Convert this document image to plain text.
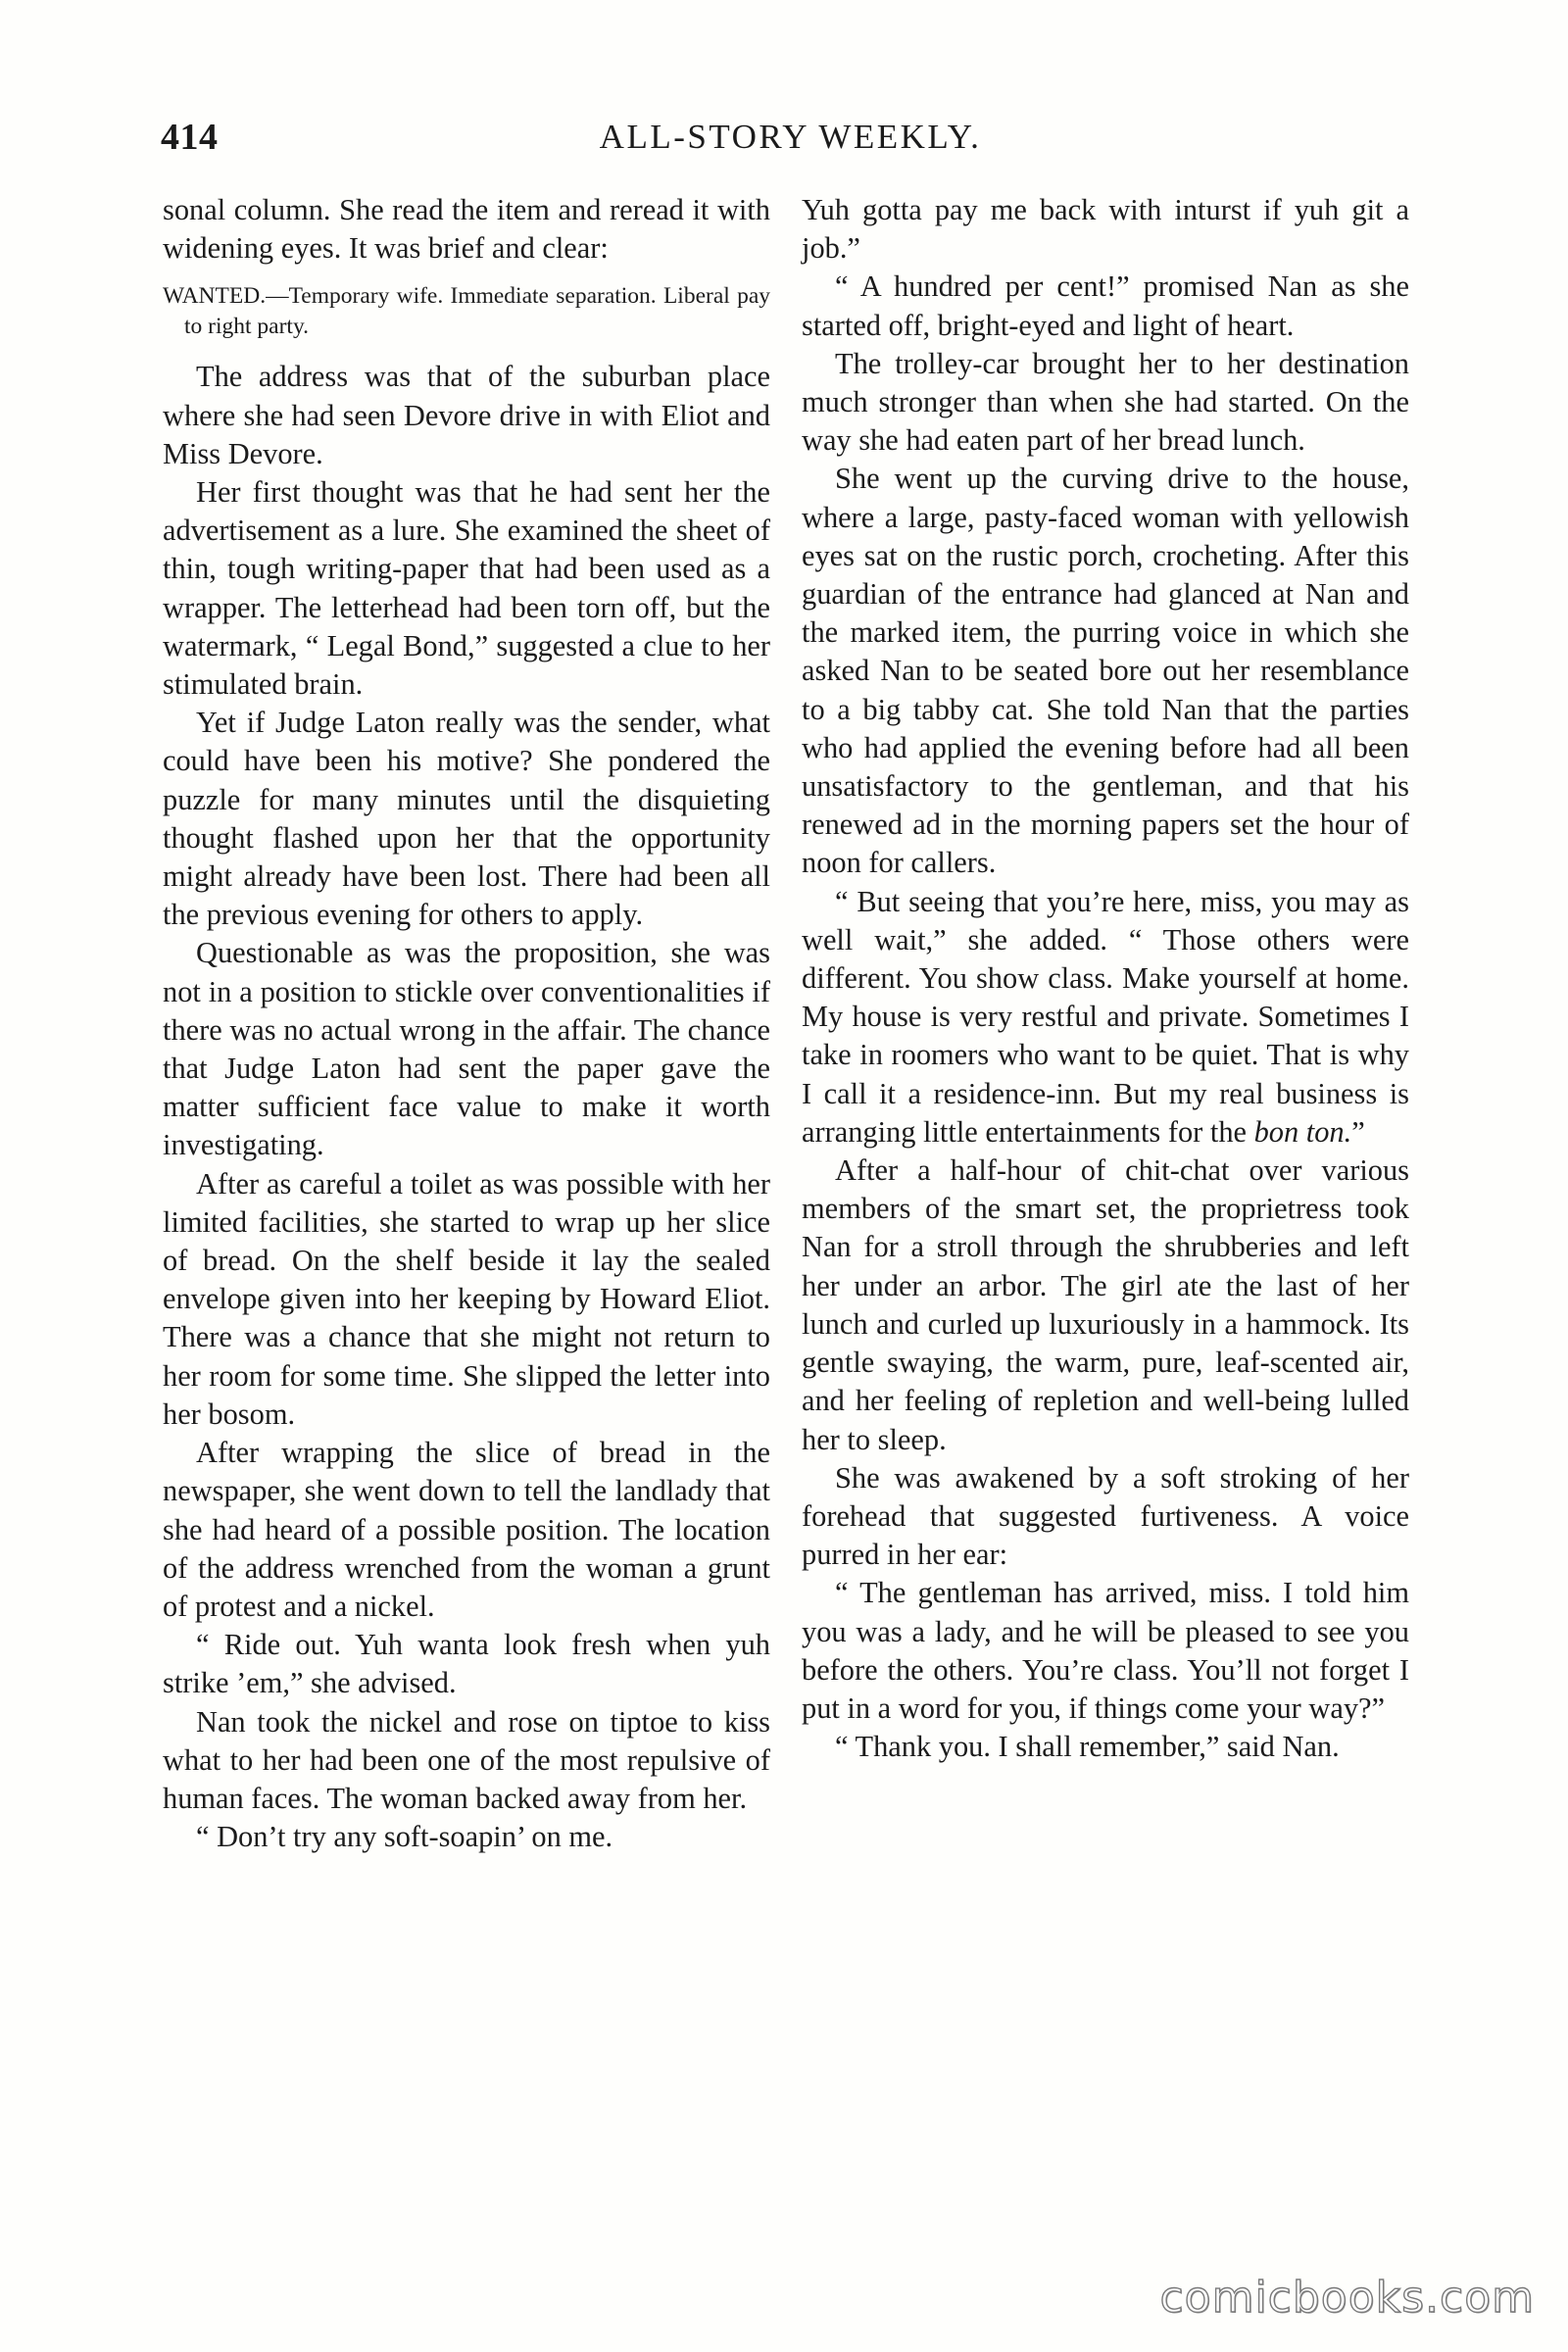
414	ALL-STORY WEEKLY.

sonal column. She read the item and reread it with widening eyes. It was brief and clear:

WANTED.—Temporary wife. Immediate separation. Liberal pay to right party.

The address was that of the suburban place where she had seen Devore drive in with Eliot and Miss Devore.

Her first thought was that he had sent her the advertisement as a lure. She examined the sheet of thin, tough writing-paper that had been used as a wrapper. The letterhead had been torn off, but the watermark, “ Legal Bond,” suggested a clue to her stimulated brain.

Yet if Judge Laton really was the sender, what could have been his motive? She pondered the puzzle for many minutes until the disquieting thought flashed upon her that the opportunity might already have been lost. There had been all the previous evening for others to apply.

Questionable as was the proposition, she was not in a position to stickle over conventionalities if there was no actual wrong in the affair. The chance that Judge Laton had sent the paper gave the matter sufficient face value to make it worth investigating.

After as careful a toilet as was possible with her limited facilities, she started to wrap up her slice of bread. On the shelf beside it lay the sealed envelope given into her keeping by Howard Eliot. There was a chance that she might not return to her room for some time. She slipped the letter into her bosom.

After wrapping the slice of bread in the newspaper, she went down to tell the landlady that she had heard of a possible position. The location of the address wrenched from the woman a grunt of protest and a nickel.

“ Ride out. Yuh wanta look fresh when yuh strike ’em,” she advised.

Nan took the nickel and rose on tiptoe to kiss what to her had been one of the most repulsive of human faces. The woman backed away from her.

“ Don’t try any soft-soapin’ on me.

Yuh gotta pay me back with inturst if yuh git a job.”

“ A hundred per cent!” promised Nan as she started off, bright-eyed and light of heart.

The trolley-car brought her to her destination much stronger than when she had started. On the way she had eaten part of her bread lunch.

She went up the curving drive to the house, where a large, pasty-faced woman with yellowish eyes sat on the rustic porch, crocheting. After this guardian of the entrance had glanced at Nan and the marked item, the purring voice in which she asked Nan to be seated bore out her resemblance to a big tabby cat. She told Nan that the parties who had applied the evening before had all been unsatisfactory to the gentleman, and that his renewed ad in the morning papers set the hour of noon for callers.

“ But seeing that you’re here, miss, you may as well wait,” she added. “ Those others were different. You show class. Make yourself at home. My house is very restful and private. Sometimes I take in roomers who want to be quiet. That is why I call it a residence-inn. But my real business is arranging little entertainments for the bon ton.”

After a half-hour of chit-chat over various members of the smart set, the proprietress took Nan for a stroll through the shrubberies and left her under an arbor. The girl ate the last of her lunch and curled up luxuriously in a hammock. Its gentle swaying, the warm, pure, leaf-scented air, and her feeling of repletion and well-being lulled her to sleep.

She was awakened by a soft stroking of her forehead that suggested furtiveness. A voice purred in her ear:

“ The gentleman has arrived, miss. I told him you was a lady, and he will be pleased to see you before the others. You’re class. You’ll not forget I put in a word for you, if things come your way?”

“ Thank you. I shall remember,” said Nan.

comicbooks.com
